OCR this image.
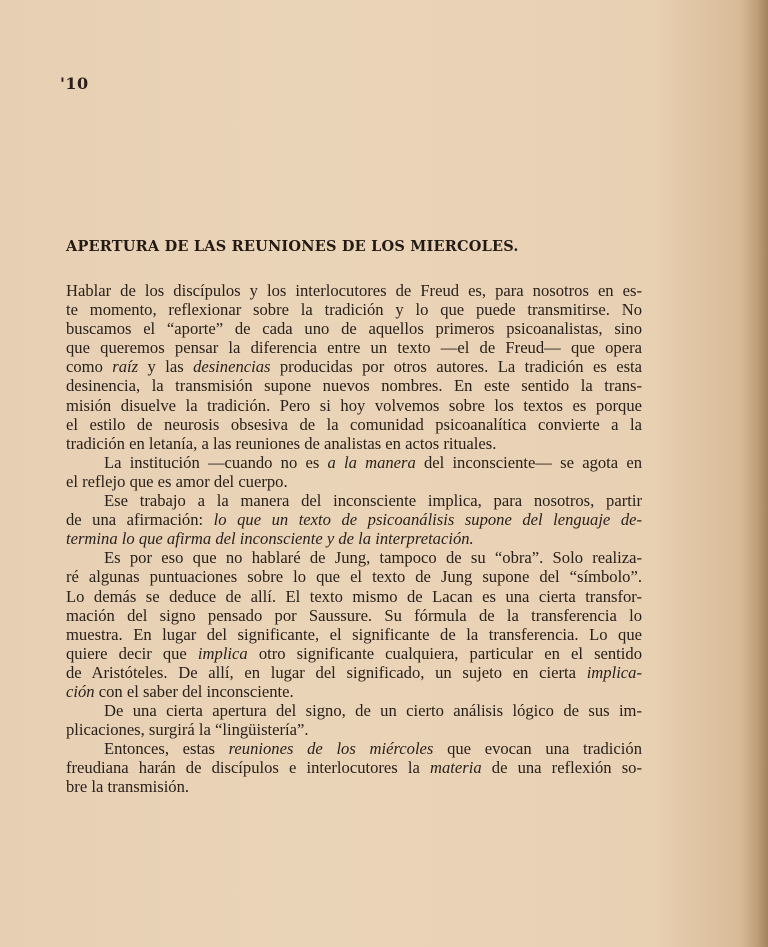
'10
APERTURA DE LAS REUNIONES DE LOS MIERCOLES.
Hablar de los discípulos y los interlocutores de Freud es, para nosotros en es-
te momento, reflexionar sobre la tradición y lo que puede transmitirse. No
buscamos el “aporte” de cada uno de aquellos primeros psicoanalistas, sino
que queremos pensar la diferencia entre un texto —el de Freud— que opera
como raíz y las desinencias producidas por otros autores. La tradición es esta
desinencia, la transmisión supone nuevos nombres. En este sentido la trans-
misión disuelve la tradición. Pero si hoy volvemos sobre los textos es porque
el estilo de neurosis obsesiva de la comunidad psicoanalítica convierte a la
tradición en letanía, a las reuniones de analistas en actos rituales.
La institución —cuando no es a la manera del inconsciente— se agota en
el reflejo que es amor del cuerpo.
Ese trabajo a la manera del inconsciente implica, para nosotros, partir
de una afirmación: lo que un texto de psicoanálisis supone del lenguaje de-
termina lo que afirma del inconsciente y de la interpretación.
Es por eso que no hablaré de Jung, tampoco de su “obra”. Solo realiza-
ré algunas puntuaciones sobre lo que el texto de Jung supone del “símbolo”.
Lo demás se deduce de allí. El texto mismo de Lacan es una cierta transfor-
mación del signo pensado por Saussure. Su fórmula de la transferencia lo
muestra. En lugar del significante, el significante de la transferencia. Lo que
quiere decir que implica otro significante cualquiera, particular en el sentido
de Aristóteles. De allí, en lugar del significado, un sujeto en cierta implica-
ción con el saber del inconsciente.
De una cierta apertura del signo, de un cierto análisis lógico de sus im-
plicaciones, surgirá la “lingüistería”.
Entonces, estas reuniones de los miércoles que evocan una tradición
freudiana harán de discípulos e interlocutores la materia de una reflexión so-
bre la transmisión.
